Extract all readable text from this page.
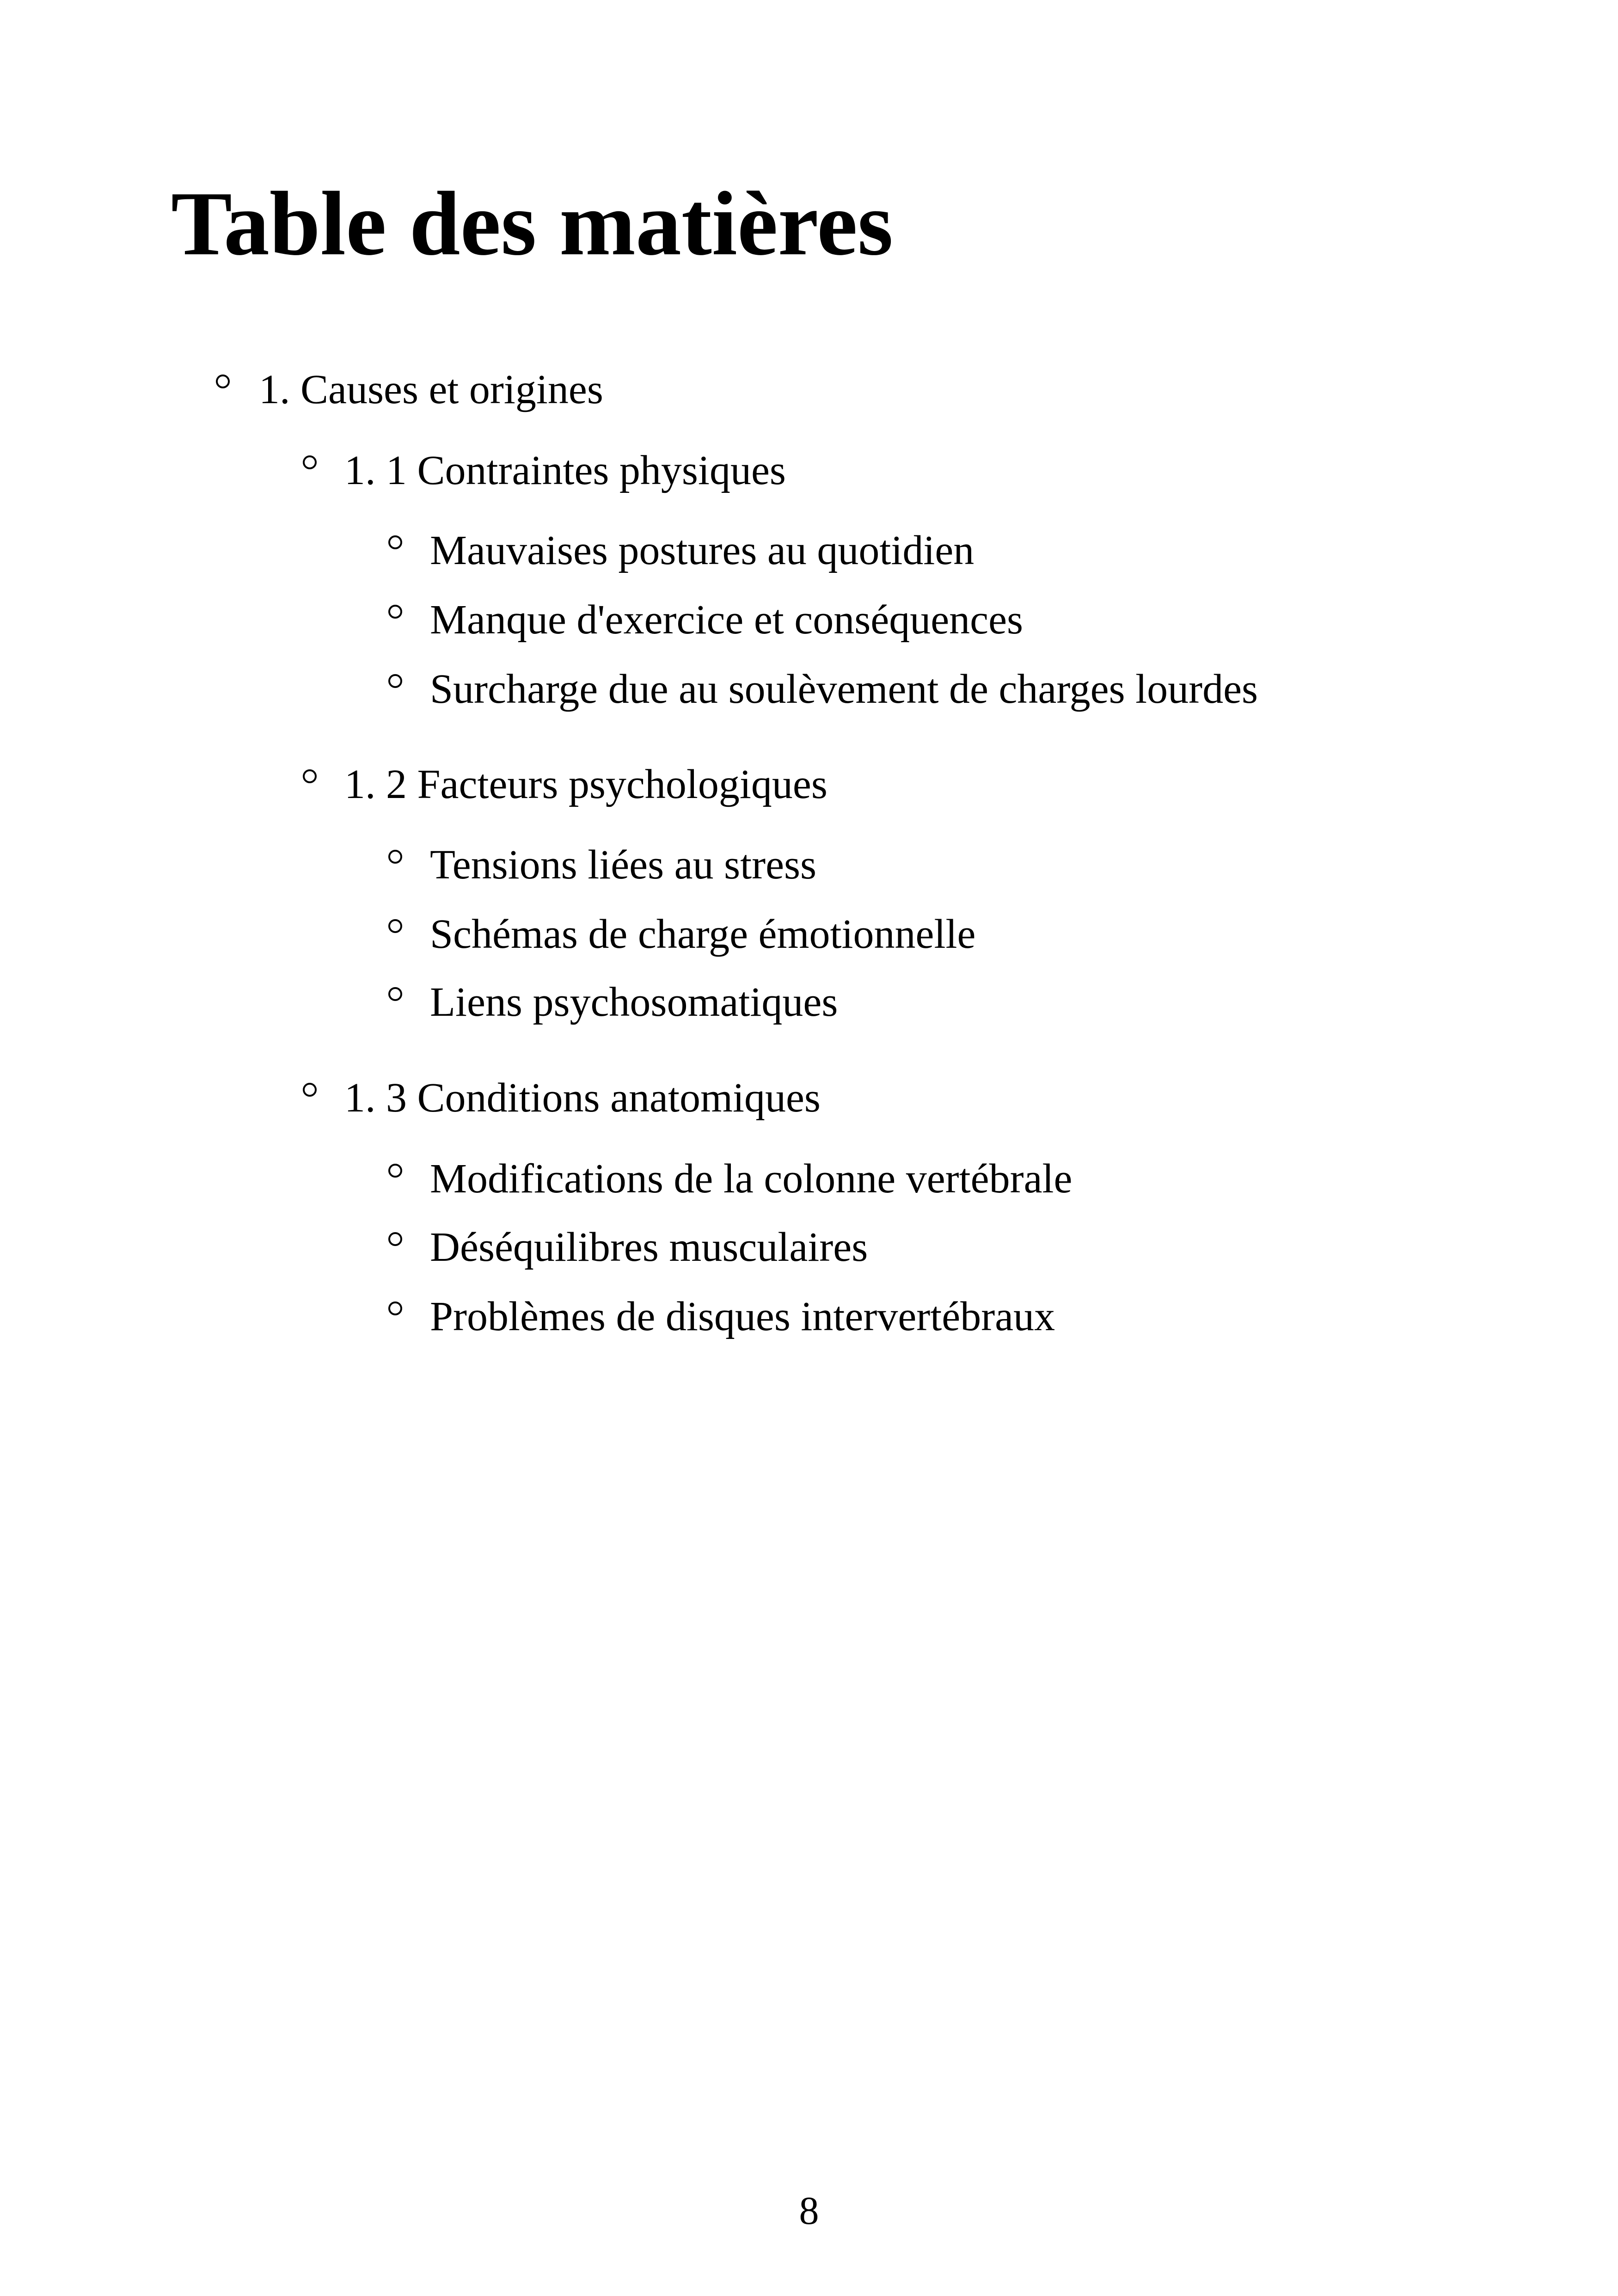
Table des matières
1. Causes et origines
1. 1 Contraintes physiques
Mauvaises postures au quotidien
Manque d'exercice et conséquences
Surcharge due au soulèvement de charges lourdes
1. 2 Facteurs psychologiques
Tensions liées au stress
Schémas de charge émotionnelle
Liens psychosomatiques
1. 3 Conditions anatomiques
Modifications de la colonne vertébrale
Déséquilibres musculaires
Problèmes de disques intervertébraux
8
